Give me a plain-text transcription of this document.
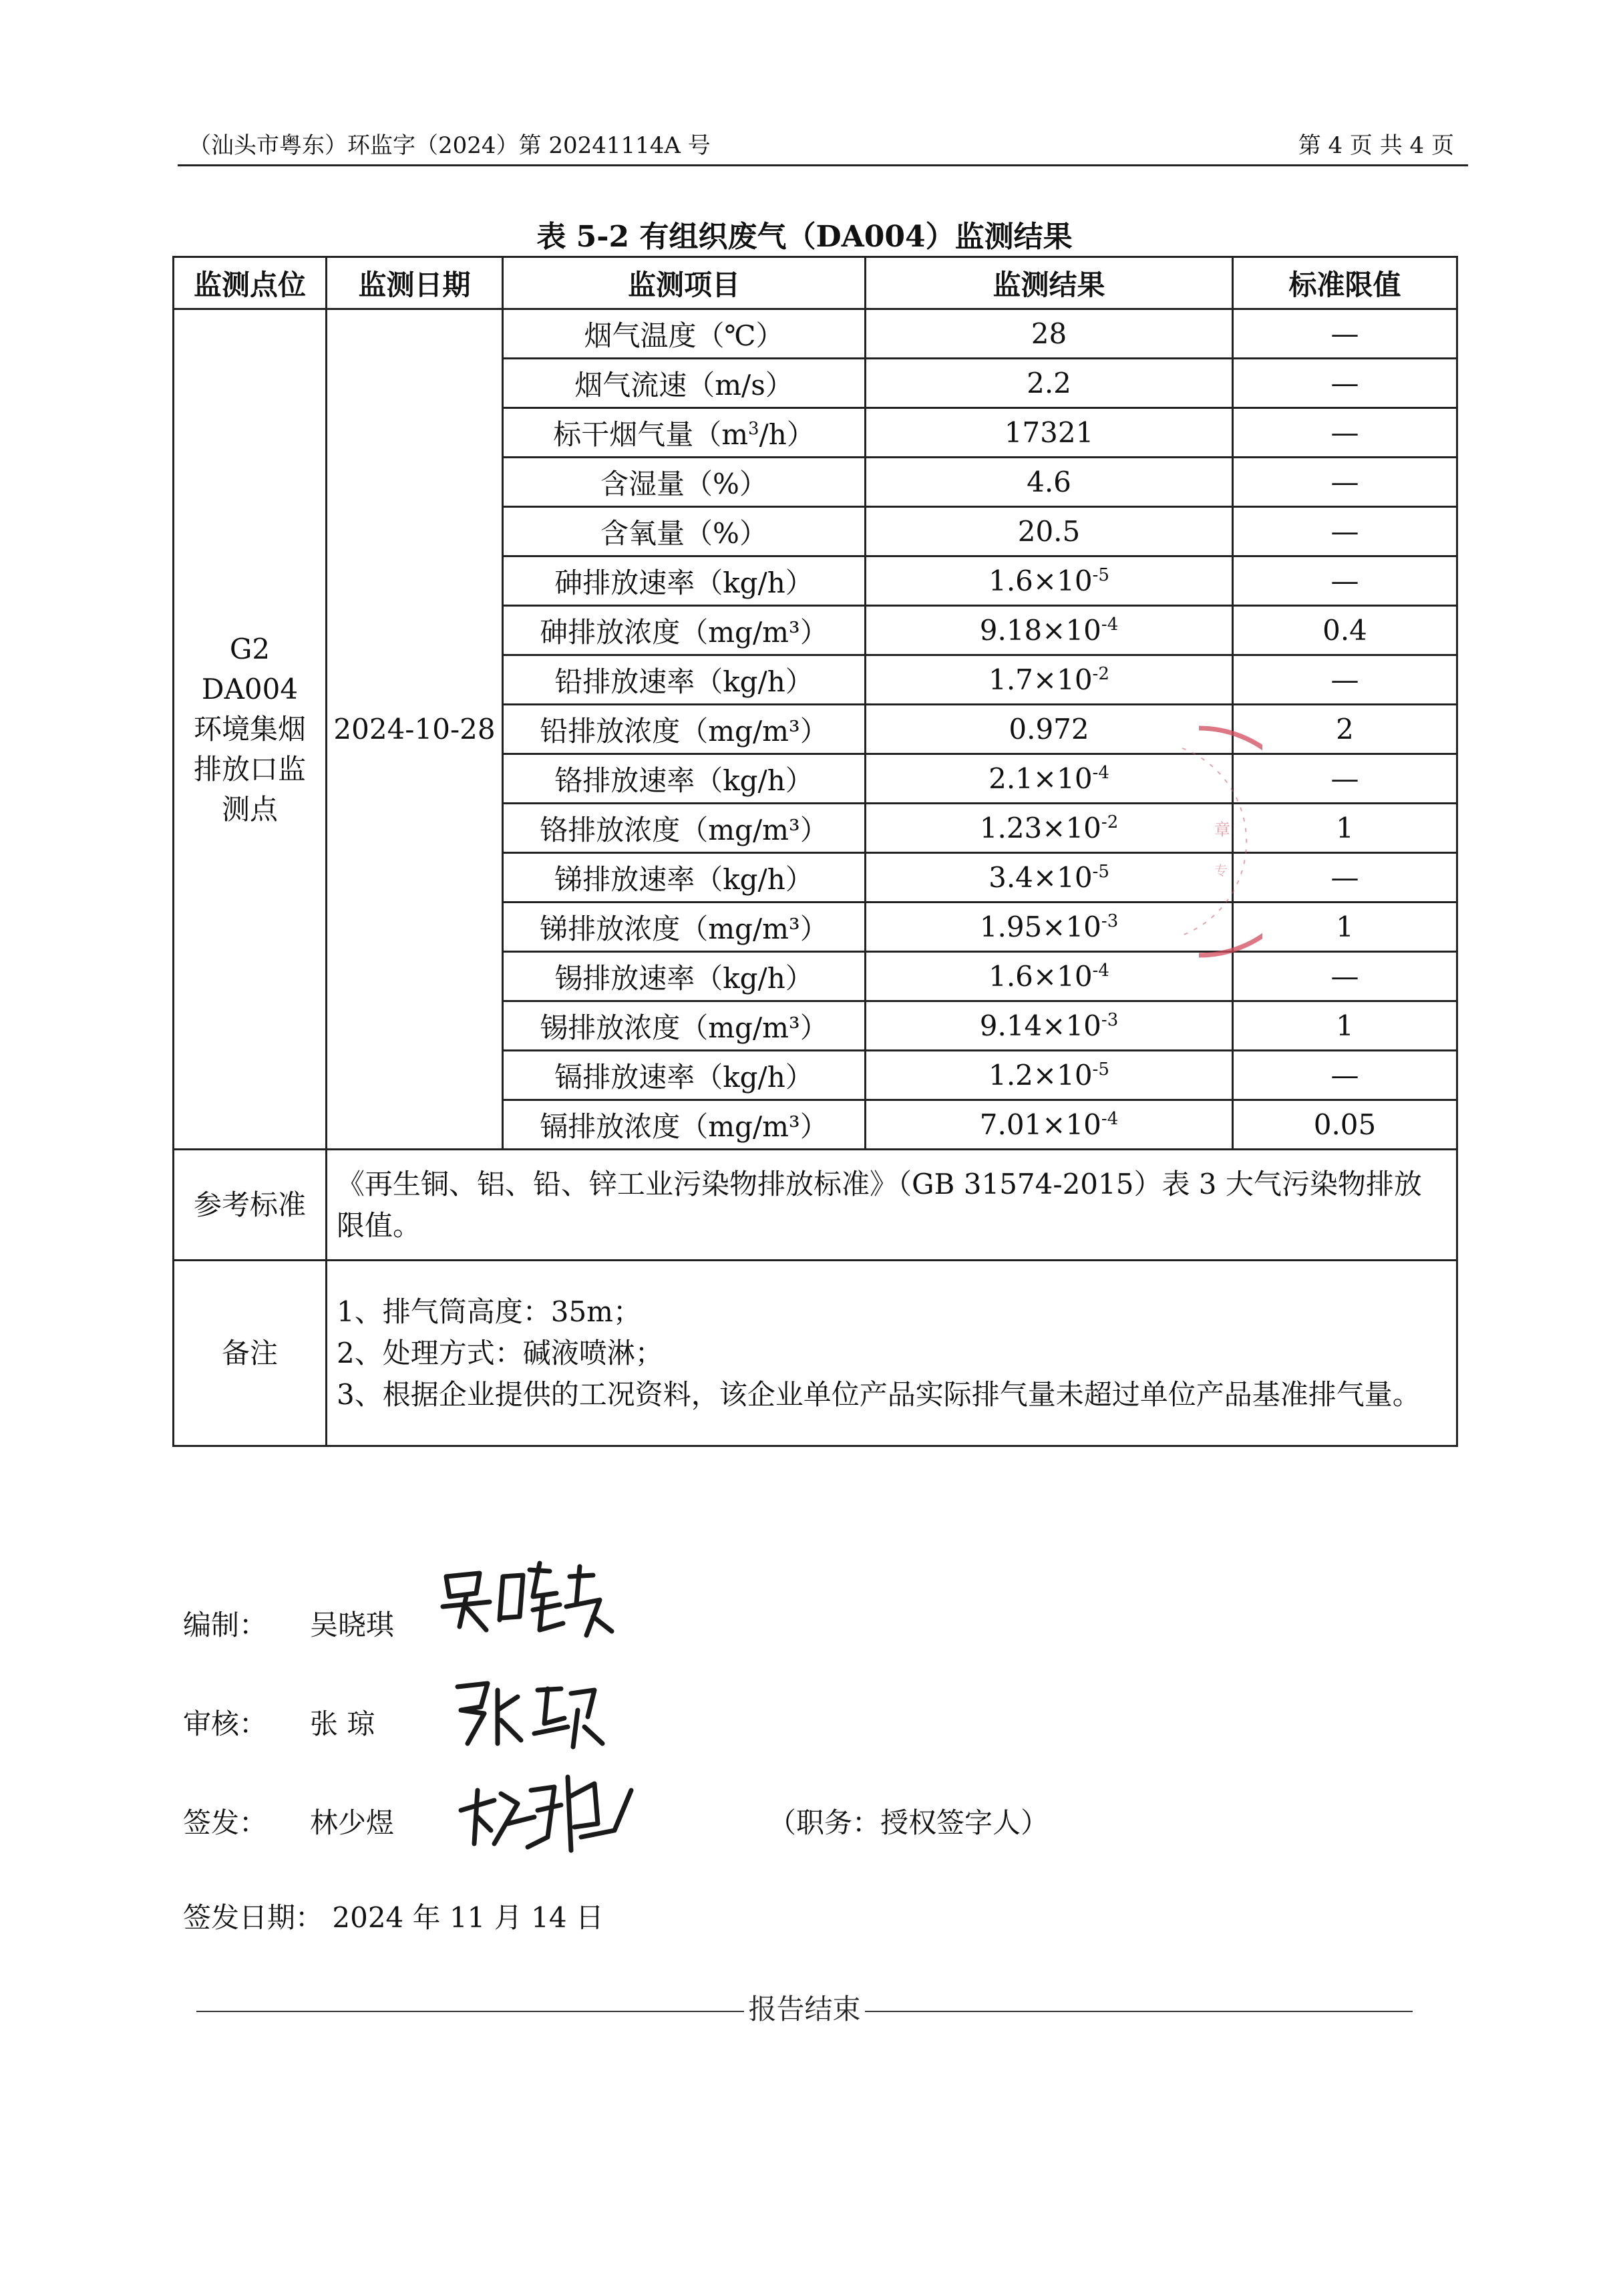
（汕头市粤东）环监字（2024）第 20241114A 号	第 4 页 共 4 页
表 5-2 有组织废气（DA004）监测结果
监测点位	监测日期	监测项目	监测结果	标准限值

G2
DA004
环境集烟
排放口监
测点	2024-10-28	烟气温度（℃）	28	—
		烟气流速（m/s）	2.2	—
		标干烟气量$(m^3/h)$	17321	—
		含湿量（%）	4.6	—
		含氧量（%）	20.5	—
		砷排放速率（kg/h）	$1.6\times 10^{-5}$	—
		砷排放浓度（mg/m³）	$9.18\times 10^{-4}$	0.4
		铅排放速率（kg/h）	$1.7\times 10^{-2}$	—
		铅排放浓度（mg/m³）	0.972	2
		铬排放速率（kg/h）	$2.1\times 10^{-4}$	—
		铬排放浓度（mg/m³）	$1.23\times 10^{-2}$	1
		锑排放速率（kg/h）	$3.4\times 10^{-5}$	—
		锑排放浓度（mg/m³）	$1.95\times 10^{-3}$	1
		锡排放速率（kg/h）	$1.6\times 10^{-4}$	—
		锡排放浓度（mg/m³）	$9.14\times 10^{-3}$	1
		镉排放速率（kg/h）	$1.2\times 10^{-5}$	—
		镉排放浓度（mg/m³）	$7.01\times 10^{-4}$	0.05
参考标准	《再生铜、铝、铅、锌工业污染物排放标准》（GB 31574-2015）表 3 大气污染物排放限值。			
备注	1、排气筒高度：35m；
2、处理方式：碱液喷淋；
3、根据企业提供的工况资料，该企业单位产品实际排气量未超过单位产品基准排气量。			
章
专
编制： 吴晓琪
审核： 张 琼
签发： 林少煜	（职务：授权签字人）
签发日期： 2024 年 11 月 14 日
报告结束
